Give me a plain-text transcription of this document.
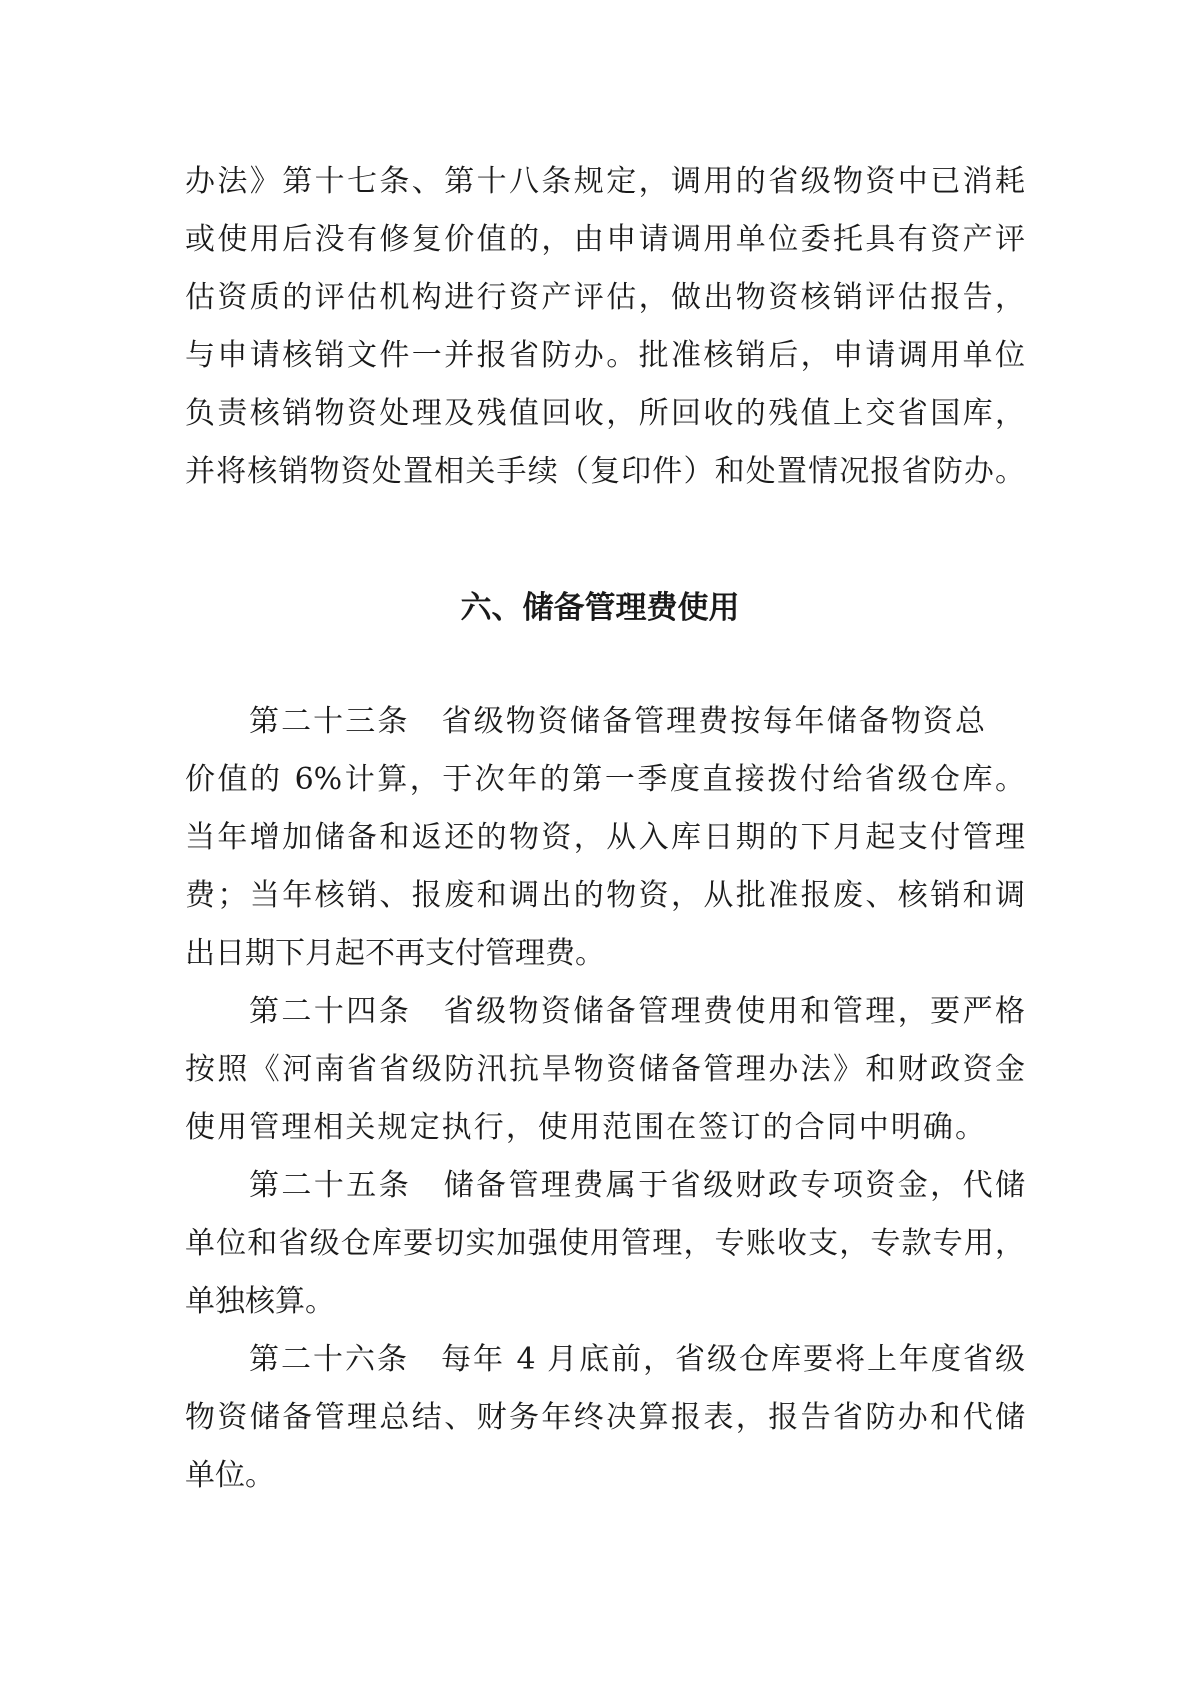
办法》第十七条、第十八条规定，调用的省级物资中已消耗
或使用后没有修复价值的，由申请调用单位委托具有资产评
估资质的评估机构进行资产评估，做出物资核销评估报告，
与申请核销文件一并报省防办。批准核销后，申请调用单位
负责核销物资处理及残值回收，所回收的残值上交省国库，
并将核销物资处置相关手续（复印件）和处置情况报省防办。
六、储备管理费使用
第二十三条　省级物资储备管理费按每年储备物资总
价值的 6%计算，于次年的第一季度直接拨付给省级仓库。
当年增加储备和返还的物资，从入库日期的下月起支付管理
费；当年核销、报废和调出的物资，从批准报废、核销和调
出日期下月起不再支付管理费。
第二十四条　省级物资储备管理费使用和管理，要严格
按照《河南省省级防汛抗旱物资储备管理办法》和财政资金
使用管理相关规定执行，使用范围在签订的合同中明确。
第二十五条　储备管理费属于省级财政专项资金，代储
单位和省级仓库要切实加强使用管理，专账收支，专款专用，
单独核算。
第二十六条　每年 4 月底前，省级仓库要将上年度省级
物资储备管理总结、财务年终决算报表，报告省防办和代储
单位。
